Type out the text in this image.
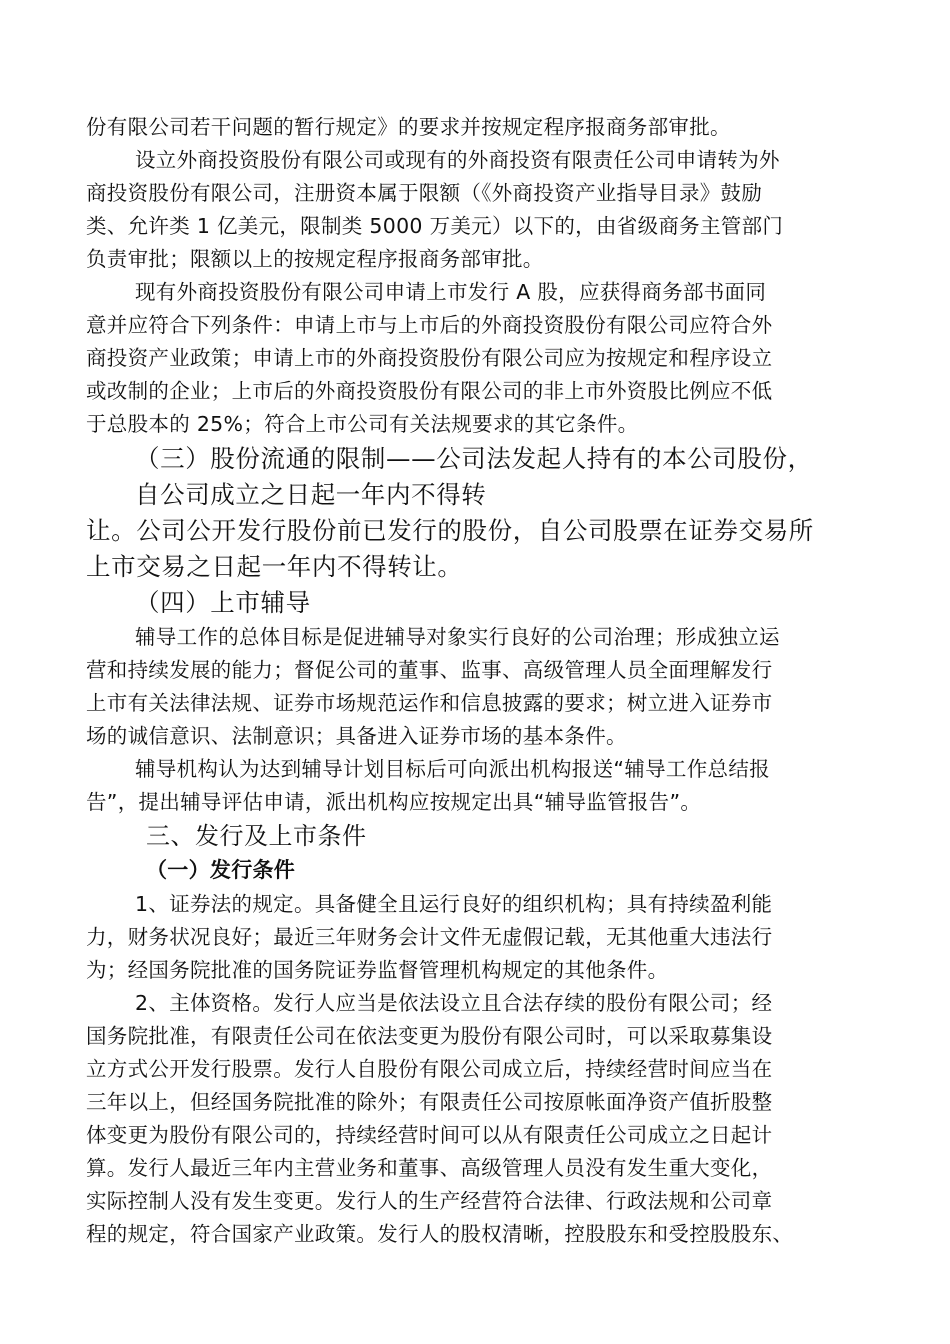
份有限公司若干问题的暂行规定》的要求并按规定程序报商务部审批。
设立外商投资股份有限公司或现有的外商投资有限责任公司申请转为外
商投资股份有限公司，注册资本属于限额（《外商投资产业指导目录》鼓励
类、允许类 1 亿美元，限制类 5000 万美元）以下的，由省级商务主管部门
负责审批；限额以上的按规定程序报商务部审批。
现有外商投资股份有限公司申请上市发行 A 股，应获得商务部书面同
意并应符合下列条件：申请上市与上市后的外商投资股份有限公司应符合外
商投资产业政策；申请上市的外商投资股份有限公司应为按规定和程序设立
或改制的企业；上市后的外商投资股份有限公司的非上市外资股比例应不低
于总股本的 25%；符合上市公司有关法规要求的其它条件。
（三）股份流通的限制——公司法发起人持有的本公司股份，
自公司成立之日起一年内不得转
让。公司公开发行股份前已发行的股份，自公司股票在证券交易所
上市交易之日起一年内不得转让。
（四）上市辅导
辅导工作的总体目标是促进辅导对象实行良好的公司治理；形成独立运
营和持续发展的能力；督促公司的董事、监事、高级管理人员全面理解发行
上市有关法律法规、证券市场规范运作和信息披露的要求；树立进入证券市
场的诚信意识、法制意识；具备进入证券市场的基本条件。
辅导机构认为达到辅导计划目标后可向派出机构报送“辅导工作总结报
告”，提出辅导评估申请，派出机构应按规定出具“辅导监管报告”。
三、发行及上市条件
（一）发行条件
1、证券法的规定。具备健全且运行良好的组织机构；具有持续盈利能
力，财务状况良好；最近三年财务会计文件无虚假记载，无其他重大违法行
为；经国务院批准的国务院证券监督管理机构规定的其他条件。
2、主体资格。发行人应当是依法设立且合法存续的股份有限公司；经
国务院批准，有限责任公司在依法变更为股份有限公司时，可以采取募集设
立方式公开发行股票。发行人自股份有限公司成立后，持续经营时间应当在
三年以上，但经国务院批准的除外；有限责任公司按原帐面净资产值折股整
体变更为股份有限公司的，持续经营时间可以从有限责任公司成立之日起计
算。发行人最近三年内主营业务和董事、高级管理人员没有发生重大变化，
实际控制人没有发生变更。发行人的生产经营符合法律、行政法规和公司章
程的规定，符合国家产业政策。发行人的股权清晰，控股股东和受控股股东、
